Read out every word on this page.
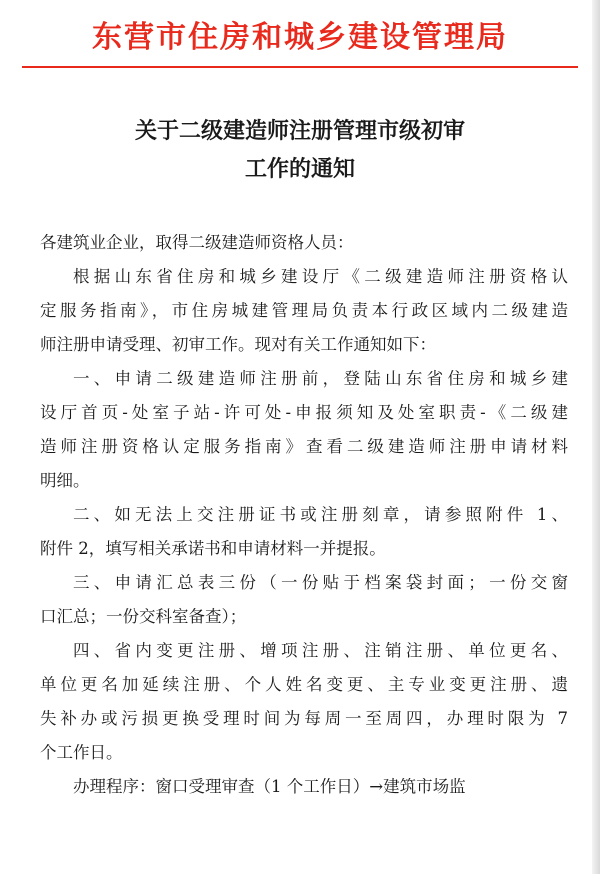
东营市住房和城乡建设管理局
关于二级建造师注册管理市级初审
工作的通知
各建筑业企业，取得二级建造师资格人员：
根据山东省住房和城乡建设厅《二级建造师注册资格认
定服务指南》，市住房城建管理局负责本行政区域内二级建造
师注册申请受理、初审工作。现对有关工作通知如下：
一、申请二级建造师注册前，登陆山东省住房和城乡建
设厅首页-处室子站-许可处-申报须知及处室职责-《二级建
造师注册资格认定服务指南》查看二级建造师注册申请材料
明细。
二、如无法上交注册证书或注册刻章，请参照附件 1、
附件 2，填写相关承诺书和申请材料一并提报。
三、申请汇总表三份（一份贴于档案袋封面；一份交窗
口汇总；一份交科室备查）；
四、省内变更注册、增项注册、注销注册、单位更名、
单位更名加延续注册、个人姓名变更、主专业变更注册、遗
失补办或污损更换受理时间为每周一至周四，办理时限为 7
个工作日。
办理程序：窗口受理审查（1 个工作日）→建筑市场监
